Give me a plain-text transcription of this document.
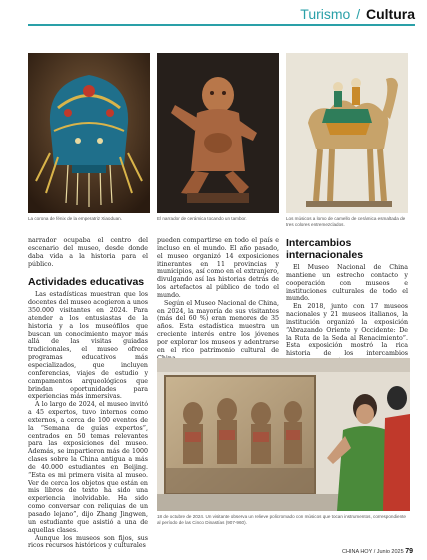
Turismo / Cultura
La corona de fénix de la emperatriz Xiaoduan.	El narrador de cerámica tocando un tambor.	Los músicos a lomo de camello de cerámica esmaltada de tres colores entremezclados.

narrador ocupaba el centro del escenario del museo, desde donde daba vida a la historia para el público.

Actividades educativas

Las estadísticas muestran que los docentes del museo acogieron a unos 350.000 visitantes en 2024. Para atender a los entusiastas de la historia y a los museófilos que buscan un conocimiento mayor más allá de las visitas guiadas tradicionales, el museo ofrece programas educativos más especializados, que incluyen conferencias, viajes de estudio y campamentos arqueológicos que brindan oportunidades para experiencias más inmersivas.

A lo largo de 2024, el museo invitó a 45 expertos, tuvo internos como externos, a cerca de 100 eventos de la “Semana de guías expertos”, centrados en 50 temas relevantes para las exposiciones del museo. Además, se impartieron más de 1000 clases sobre la China antigua a más de 40.000 estudiantes en Beijing. “Esta es mi primera visita al museo. Ver de cerca los objetos que están en mis libros de texto ha sido una experiencia inolvidable. Ha sido como conversar con reliquias de un pasado lejano”, dijo Zhang Jingwen, un estudiante que asistió a una de aquellas clases.

Aunque los museos son fijos, sus ricos recursos históricos y culturales

pueden compartirse en todo el país e incluso en el mundo. El año pasado, el museo organizó 14 exposiciones itinerantes en 11 provincias y municipios, así como en el extranjero, divulgando así las historias detrás de los artefactos al público de todo el mundo.

Según el Museo Nacional de China, en 2024, la mayoría de sus visitantes (más del 60 %) eran menores de 35 años. Esta estadística muestra un creciente interés entre los jóvenes por explorar los museos y adentrarse en el rico patrimonio cultural de

Intercambios internacionales

El Museo Nacional de China mantiene un estrecho contacto y cooperación con museos e instituciones culturales de todo el mundo.

En 2018, junto con 17 museos nacionales y 21 museos italianos, la institución organizó la exposición “Abrazando Oriente y Occidente: De la Ruta de la Seda al Renacimiento”. Esta exposición mostró la rica historia de los intercambios

18 de octubre de 2024. Un visitante observa un relieve policromado con músicos que tocan instrumentos, correspondiente al período de las Cinco Dinastías (907-960).
CHINA HOY / Junio 2025 79
